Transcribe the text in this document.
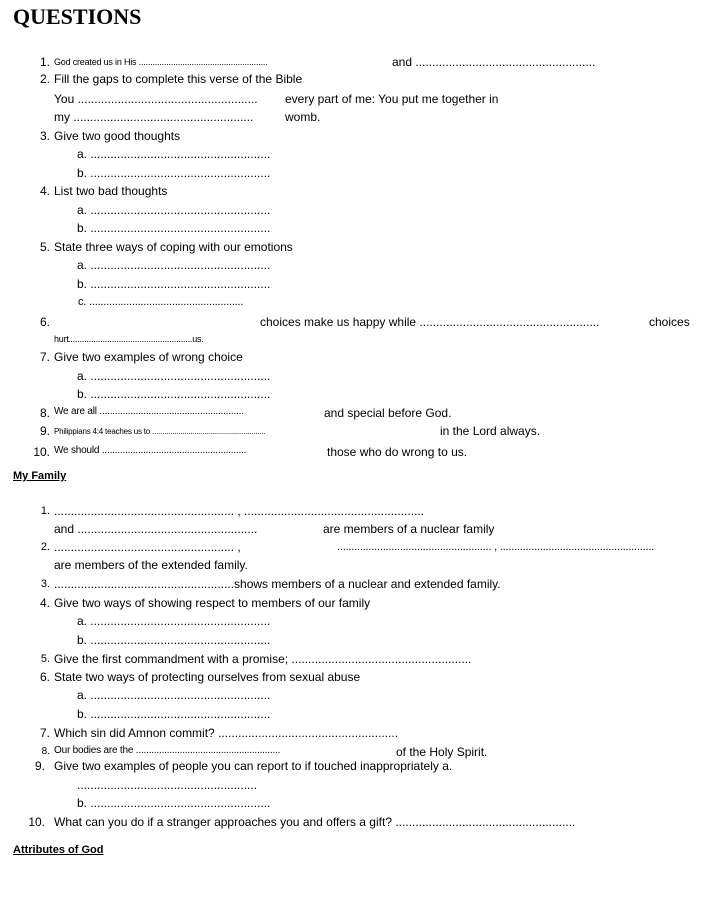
QUESTIONS
1. God created us in His ........................................................	and ......................................................
2. Fill the gaps to complete this verse of the Bible
You ...................................................... every part of me: You put me together in
my ......................................................	womb.
3. Give two good thoughts
a. ......................................................
b. ......................................................
4. List two bad thoughts
a. ......................................................
b. ......................................................
5. State three ways of coping with our emotions
a. ......................................................
b. ......................................................
c. ......................................................
6.	choices make us happy while ......................................................	choices
hurt ......................................................us.
7. Give two examples of wrong choice
a. ......................................................
b. ......................................................
8. We are all ........................................................	and special before God.
9. Philippians 4:4 teaches us to ........................................................	in the Lord always.
10. We should ........................................................	those who do wrong to us.
My Family
1. ...................................................... , ......................................................
and ......................................................	are members of a nuclear family
2. ...................................................... ,	...................................................... , ......................................................
are members of the extended family.
3. ......................................................shows members of a nuclear and extended family.
4. Give two ways of showing respect to members of our family
a. ......................................................
b. ......................................................
5. Give the first commandment with a promise; ......................................................
6. State two ways of protecting ourselves from sexual abuse
a. ......................................................
b. ......................................................
7. Which sin did Amnon commit? ......................................................
8. Our bodies are the ........................................................	of the Holy Spirit.
9. Give two examples of people you can report to if touched inappropriately a.
......................................................
b. ......................................................
10. What can you do if a stranger approaches you and offers a gift? ......................................................
Attributes of God
